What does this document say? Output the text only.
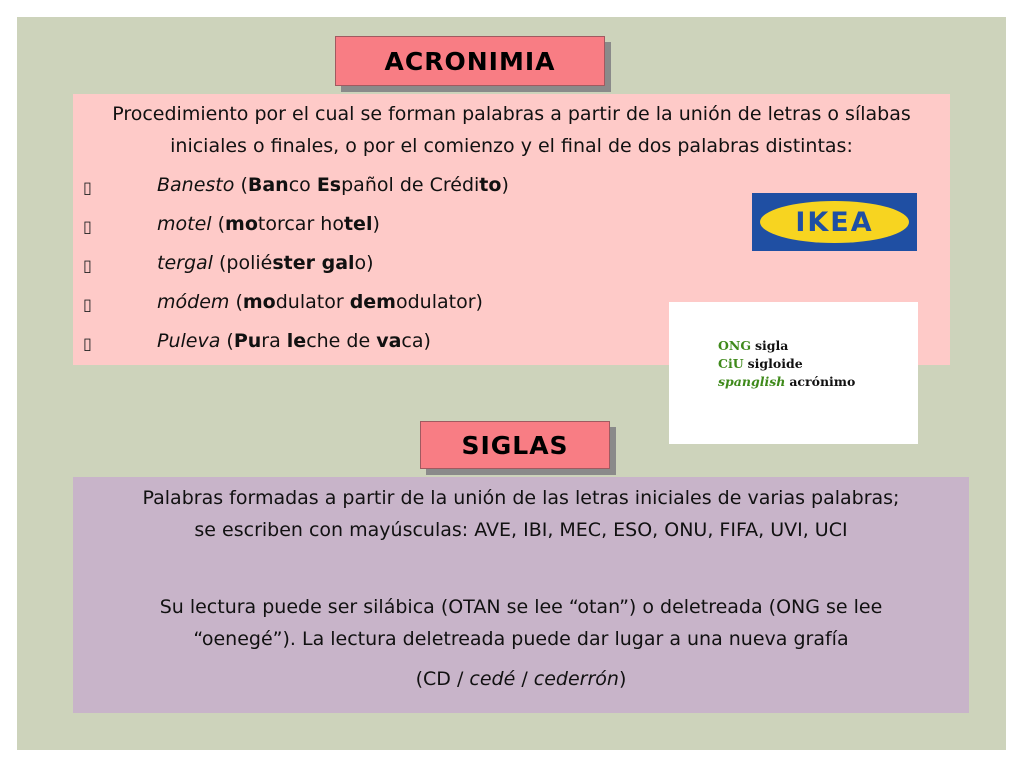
ACRONIMIA
Procedimiento por el cual se forman palabras a partir de la unión de letras o sílabas iniciales o finales, o por el comienzo y el final de dos palabras distintas:
▯	Banesto (Banco Español de Crédito)
▯	motel (motorcar hotel)
▯	tergal (poliéster galo)
▯	módem (modulator demodulator)
▯	Puleva (Pura leche de vaca)
IKEA
ONG sigla
CiU sigloide
spanglish acrónimo
SIGLAS
Palabras formadas a partir de la unión de las letras iniciales de varias palabras;
se escriben con mayúsculas: AVE, IBI, MEC, ESO, ONU, FIFA, UVI, UCI
Su lectura puede ser silábica (OTAN se lee “otan”) o deletreada (ONG se lee
“oenegé”). La lectura deletreada puede dar lugar a una nueva grafía
(CD / cedé / cederrón)
